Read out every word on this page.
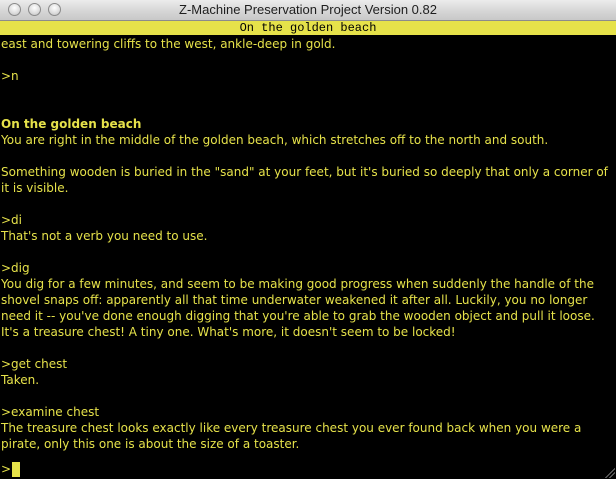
Z-Machine Preservation Project Version 0.82
On the golden beach
east and towering cliffs to the west, ankle-deep in gold.
>n
On the golden beach
You are right in the middle of the golden beach, which stretches off to the north and south.
Something wooden is buried in the "sand" at your feet, but it's buried so deeply that only a corner of
it is visible.
>di
That's not a verb you need to use.
>dig
You dig for a few minutes, and seem to be making good progress when suddenly the handle of the
shovel snaps off: apparently all that time underwater weakened it after all. Luckily, you no longer
need it -- you've done enough digging that you're able to grab the wooden object and pull it loose.
It's a treasure chest! A tiny one. What's more, it doesn't seem to be locked!
>get chest
Taken.
>examine chest
The treasure chest looks exactly like every treasure chest you ever found back when you were a
pirate, only this one is about the size of a toaster.
>
